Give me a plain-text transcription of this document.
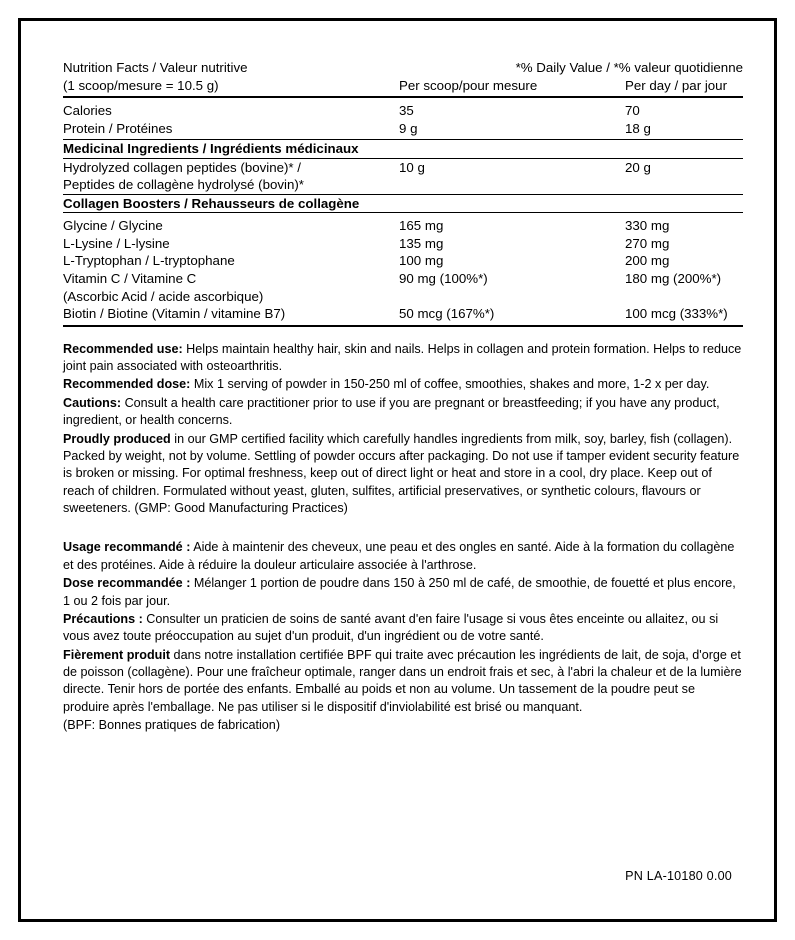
Nutrition Facts / Valeur nutritive	*% Daily Value / *% valeur quotidienne	

(1 scoop/mesure = 10.5 g)	Per scoop/pour mesure	Per day / par jour

Calories	35	70
Protein / Protéines	9 g	18 g

Medicinal Ingredients / Ingrédients médicinaux		

Hydrolyzed collagen peptides (bovine)* /	10 g	20 g
Peptides de collagène hydrolysé (bovin)*		

Collagen Boosters / Rehausseurs de collagène		

Glycine / Glycine	165 mg	330 mg
L-Lysine / L-lysine	135 mg	270 mg
L-Tryptophan / L-tryptophane	100 mg	200 mg
Vitamin C / Vitamine C	90 mg (100%*)	180 mg (200%*)
(Ascorbic Acid / acide ascorbique)		
Biotin / Biotine (Vitamin / vitamine B7)	50 mcg (167%*)	100 mcg (333%*)

Recommended use: Helps maintain healthy hair, skin and nails. Helps in collagen and protein formation. Helps to reduce joint pain associated with osteoarthritis.

Recommended dose: Mix 1 serving of powder in 150-250 ml of coffee, smoothies, shakes and more, 1-2 x per day.

Cautions: Consult a health care practitioner prior to use if you are pregnant or breastfeeding; if you have any product, ingredient, or health concerns.

Proudly produced in our GMP certified facility which carefully handles ingredients from milk, soy, barley, fish (collagen). Packed by weight, not by volume. Settling of powder occurs after packaging. Do not use if tamper evident security feature is broken or missing. For optimal freshness, keep out of direct light or heat and store in a cool, dry place. Keep out of reach of children. Formulated without yeast, gluten, sulfites, artificial preservatives, or synthetic colours, flavours or sweeteners. (GMP: Good Manufacturing Practices)

Usage recommandé : Aide à maintenir des cheveux, une peau et des ongles en santé. Aide à la formation du collagène et des protéines. Aide à réduire la douleur articulaire associée à l'arthrose.

Dose recommandée : Mélanger 1 portion de poudre dans 150 à 250 ml de café, de smoothie, de fouetté et plus encore, 1 ou 2 fois par jour.

Précautions : Consulter un praticien de soins de santé avant d'en faire l'usage si vous êtes enceinte ou allaitez, ou si vous avez toute préoccupation au sujet d'un produit, d'un ingrédient ou de votre santé.

Fièrement produit dans notre installation certifiée BPF qui traite avec précaution les ingrédients de lait, de soja, d'orge et de poisson (collagène). Pour une fraîcheur optimale, ranger dans un endroit frais et sec, à l'abri la chaleur et de la lumière directe. Tenir hors de portée des enfants. Emballé au poids et non au volume. Un tassement de la poudre peut se produire après l'emballage. Ne pas utiliser si le dispositif d'inviolabilité est brisé ou manquant.

(BPF: Bonnes pratiques de fabrication)

PN LA-10180 0.00
